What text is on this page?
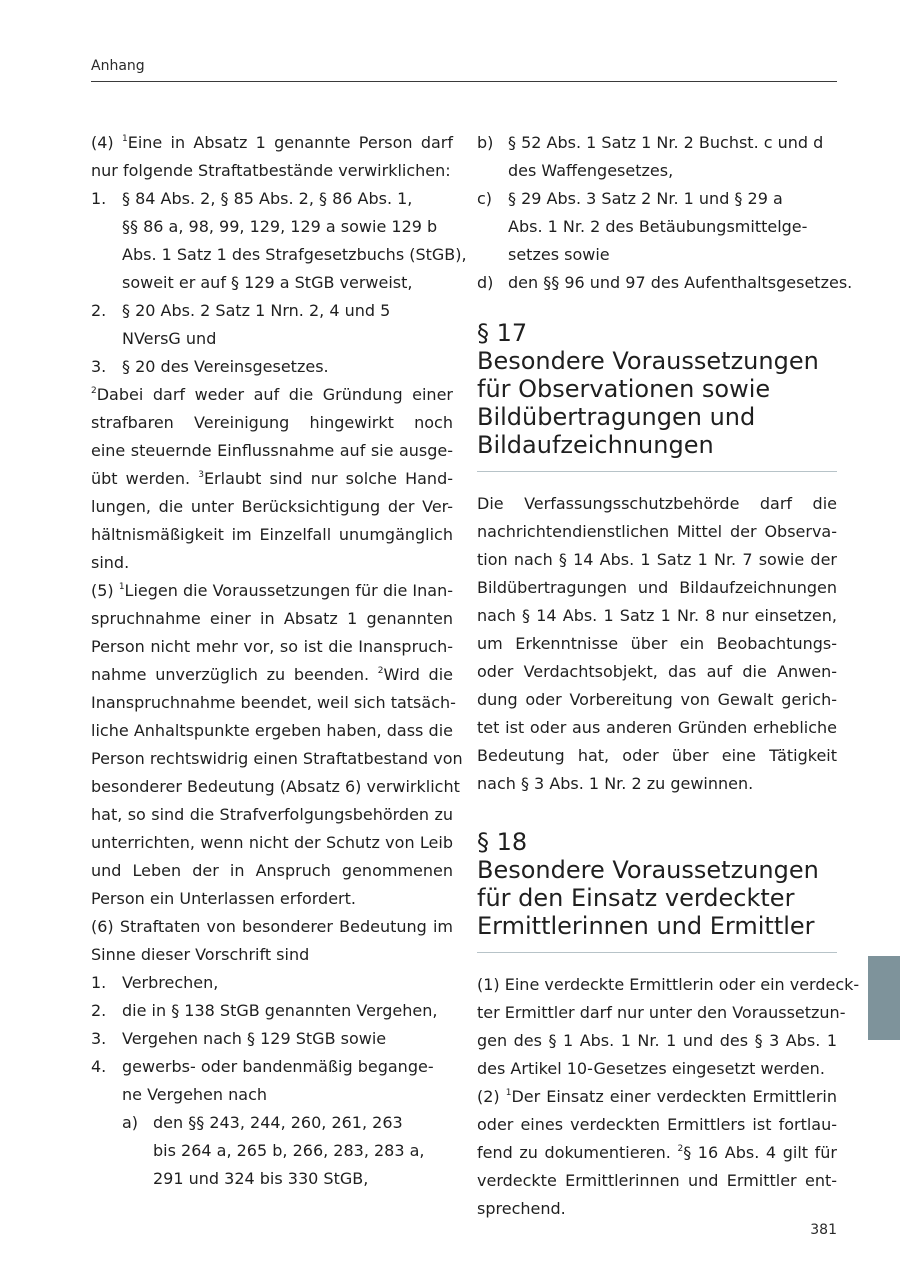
Anhang
(4) $^1$Eine in Absatz 1 genannte Person darf
nur folgende Straftatbestände verwirklichen:
1. § 84 Abs. 2, § 85 Abs. 2, § 86 Abs. 1,
§§ 86 a, 98, 99, 129, 129 a sowie 129 b
Abs. 1 Satz 1 des Strafgesetzbuchs (StGB),
soweit er auf § 129 a StGB verweist,
2. § 20 Abs. 2 Satz 1 Nrn. 2, 4 und 5
NVersG und
3. § 20 des Vereinsgesetzes.
$^2$Dabei darf weder auf die Gründung einer
strafbaren Vereinigung hingewirkt noch
eine steuernde Einflussnahme auf sie ausge-
übt werden. $^3$Erlaubt sind nur solche Hand-
lungen, die unter Berücksichtigung der Ver-
hältnismäßigkeit im Einzelfall unumgänglich
sind.
(5) $^1$Liegen die Voraussetzungen für die Inan-
spruchnahme einer in Absatz 1 genannten
Person nicht mehr vor, so ist die Inanspruch-
nahme unverzüglich zu beenden. $^2$Wird die
Inanspruchnahme beendet, weil sich tatsäch-
liche Anhaltspunkte ergeben haben, dass die
Person rechtswidrig einen Straftatbestand von
besonderer Bedeutung (Absatz 6) verwirklicht
hat, so sind die Strafverfolgungsbehörden zu
unterrichten, wenn nicht der Schutz von Leib
und Leben der in Anspruch genommenen
Person ein Unterlassen erfordert.
(6) Straftaten von besonderer Bedeutung im
Sinne dieser Vorschrift sind
1. Verbrechen,
2. die in § 138 StGB genannten Vergehen,
3. Vergehen nach § 129 StGB sowie
4. gewerbs- oder bandenmäßig begange-
ne Vergehen nach
a) den §§ 243, 244, 260, 261, 263
bis 264 a, 265 b, 266, 283, 283 a,
291 und 324 bis 330 StGB,
b) § 52 Abs. 1 Satz 1 Nr. 2 Buchst. c und d
des Waffengesetzes,
c) § 29 Abs. 3 Satz 2 Nr. 1 und § 29 a
Abs. 1 Nr. 2 des Betäubungsmittelge-
setzes sowie
d) den §§ 96 und 97 des Aufenthaltsgesetzes.
§ 17
Besondere Voraussetzungen
für Observationen sowie
Bildübertragungen und
Bildaufzeichnungen
Die Verfassungsschutzbehörde darf die
nachrichtendienstlichen Mittel der Observa-
tion nach § 14 Abs. 1 Satz 1 Nr. 7 sowie der
Bildübertragungen und Bildaufzeichnungen
nach § 14 Abs. 1 Satz 1 Nr. 8 nur einsetzen,
um Erkenntnisse über ein Beobachtungs-
oder Verdachtsobjekt, das auf die Anwen-
dung oder Vorbereitung von Gewalt gerich-
tet ist oder aus anderen Gründen erhebliche
Bedeutung hat, oder über eine Tätigkeit
nach § 3 Abs. 1 Nr. 2 zu gewinnen.
§ 18
Besondere Voraussetzungen
für den Einsatz verdeckter
Ermittlerinnen und Ermittler
(1) Eine verdeckte Ermittlerin oder ein verdeck-
ter Ermittler darf nur unter den Voraussetzun-
gen des § 1 Abs. 1 Nr. 1 und des § 3 Abs. 1
des Artikel 10-Gesetzes eingesetzt werden.
(2) $^1$Der Einsatz einer verdeckten Ermittlerin
oder eines verdeckten Ermittlers ist fortlau-
fend zu dokumentieren. $^2$§ 16 Abs. 4 gilt für
verdeckte Ermittlerinnen und Ermittler ent-
sprechend.
381
